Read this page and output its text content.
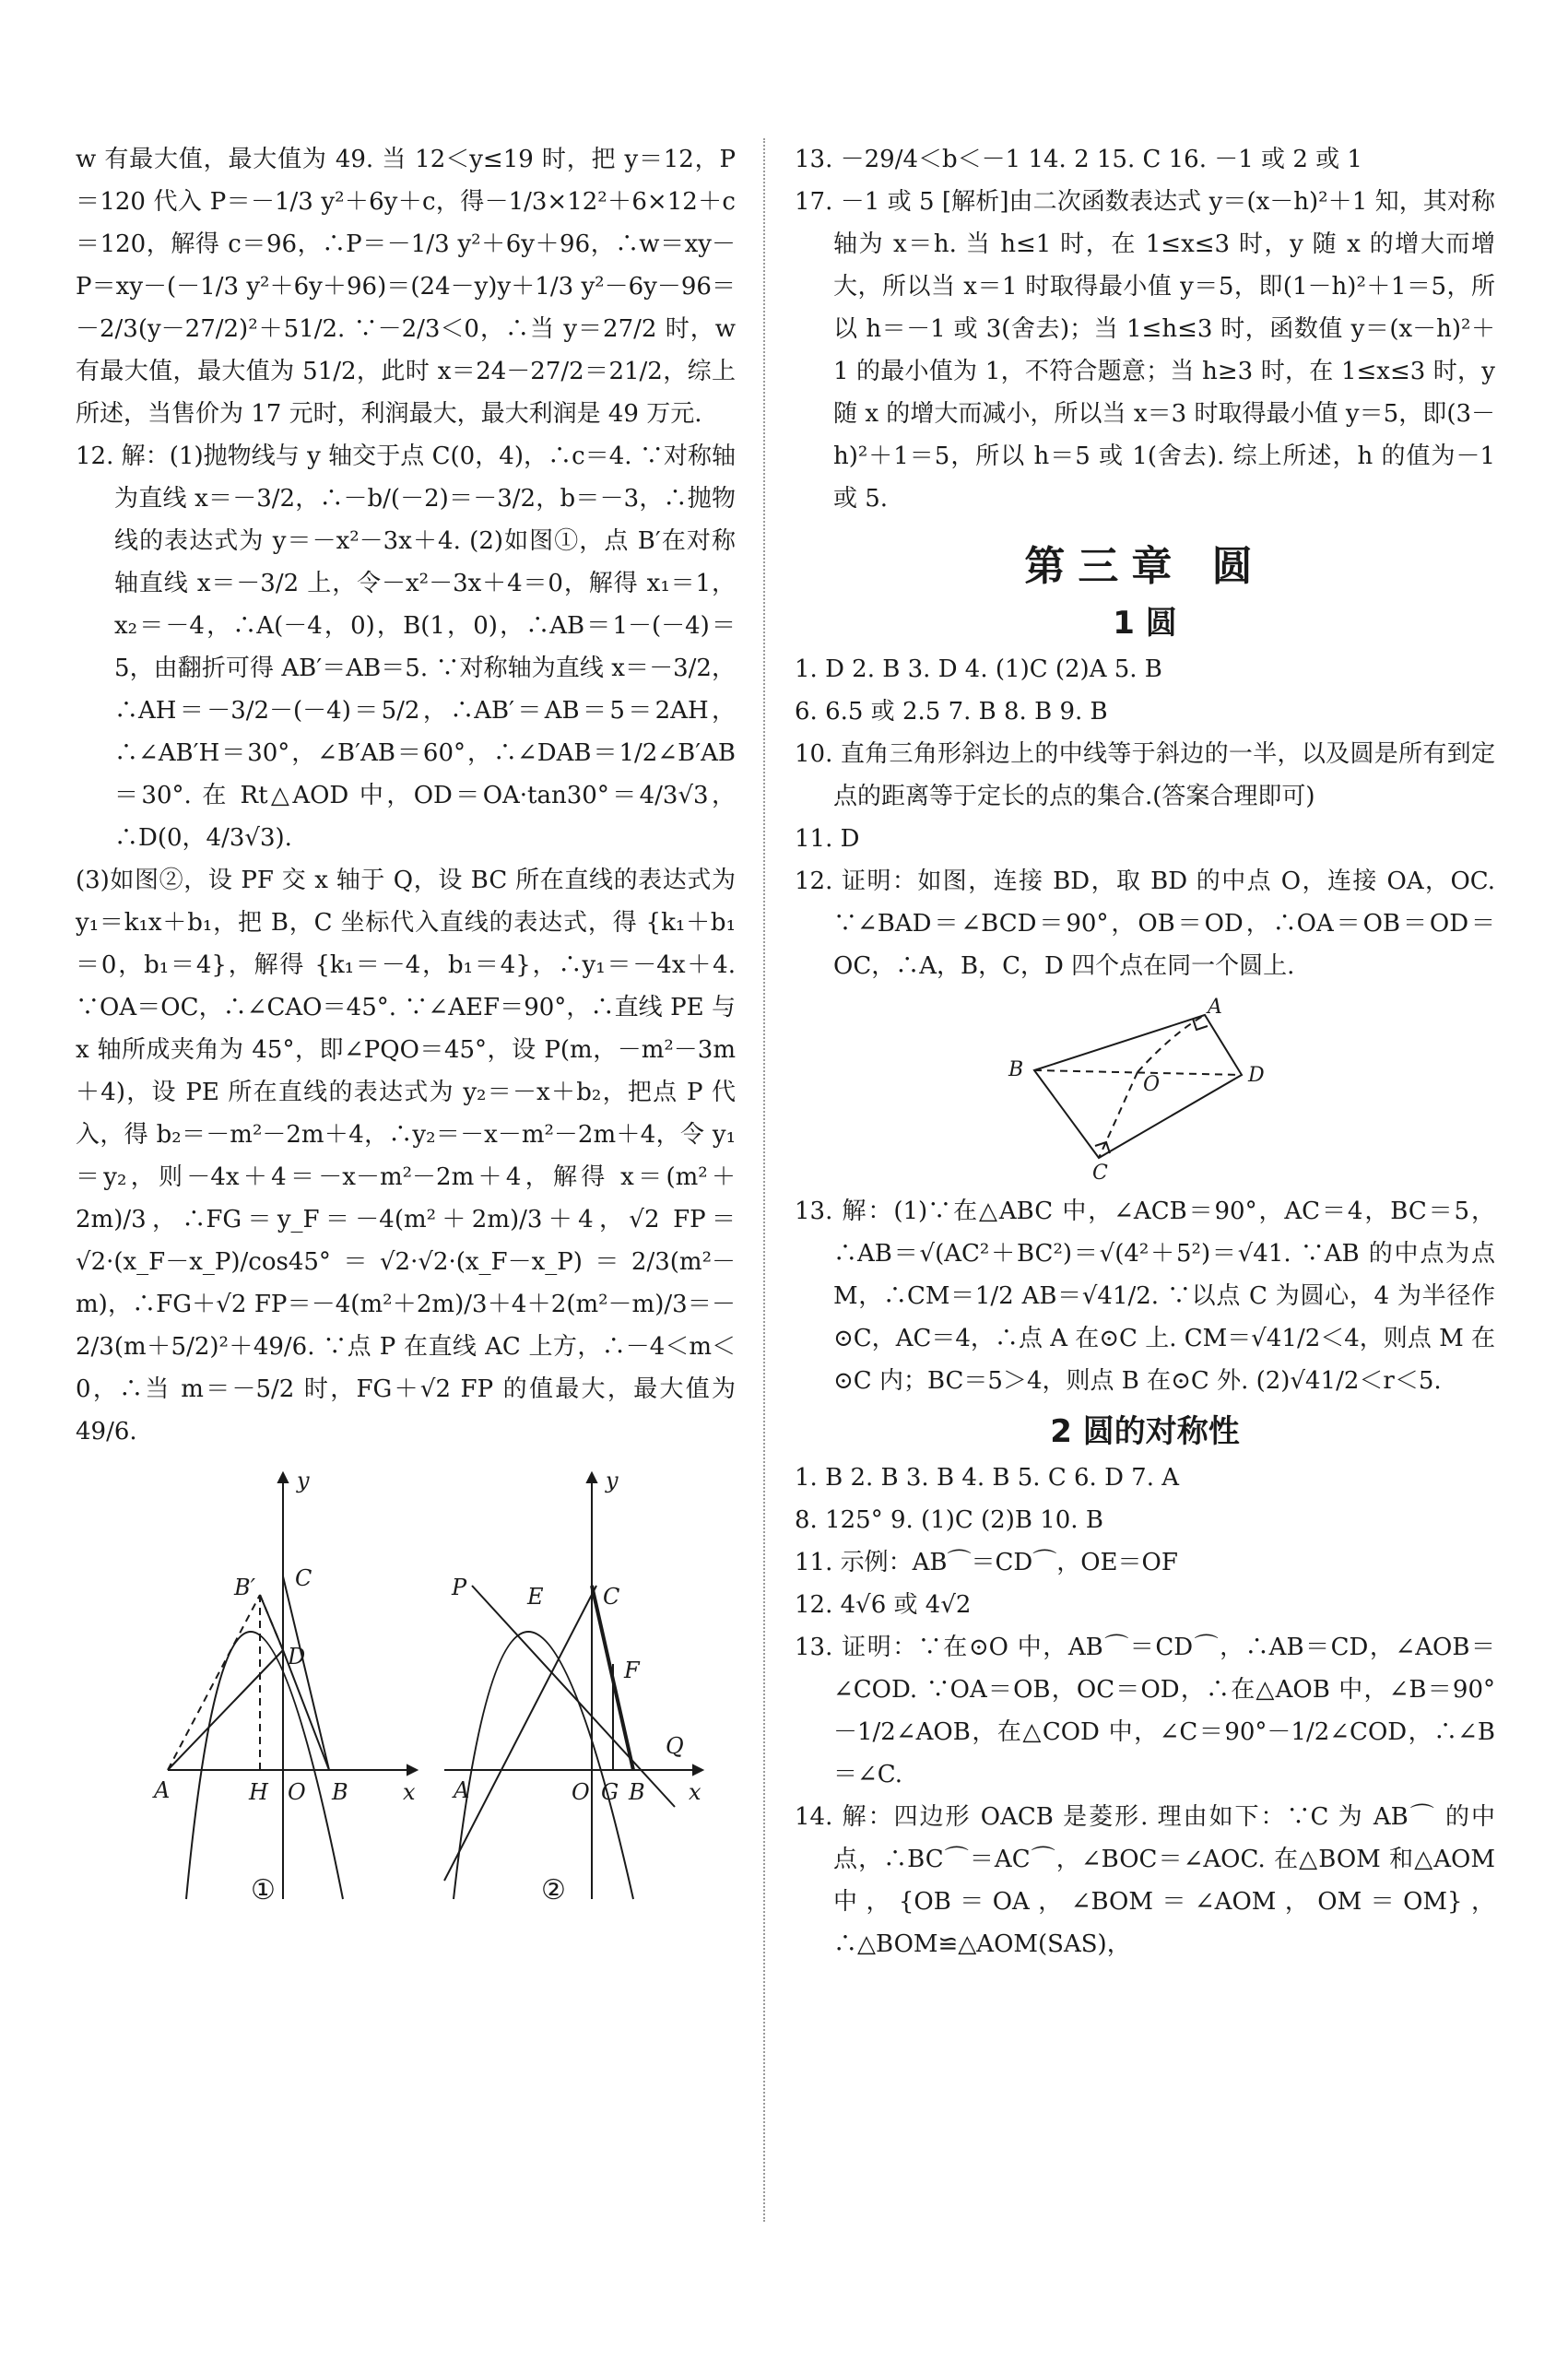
w 有最大值，最大值为 49. 当 12＜y≤19 时，把 y＝12，P＝120 代入 P＝－1/3 y²＋6y＋c，得－1/3×12²＋6×12＋c＝120，解得 c＝96，∴P＝－1/3 y²＋6y＋96，∴w＝xy－P＝xy－(－1/3 y²＋6y＋96)＝(24－y)y＋1/3 y²－6y－96＝－2/3(y－27/2)²＋51/2. ∵－2/3＜0，∴当 y＝27/2 时，w 有最大值，最大值为 51/2，此时 x＝24－27/2＝21/2，综上所述，当售价为 17 元时，利润最大，最大利润是 49 万元.

12. 解：(1)抛物线与 y 轴交于点 C(0，4)，∴c＝4. ∵对称轴为直线 x＝－3/2，∴－b/(－2)＝－3/2，b＝－3，∴抛物线的表达式为 y＝－x²－3x＋4. (2)如图①，点 B′在对称轴直线 x＝－3/2 上，令－x²－3x＋4＝0，解得 x₁＝1，x₂＝－4，∴A(－4，0)，B(1，0)，∴AB＝1－(－4)＝5，由翻折可得 AB′＝AB＝5. ∵对称轴为直线 x＝－3/2，∴AH＝－3/2－(－4)＝5/2，∴AB′＝AB＝5＝2AH，∴∠AB′H＝30°，∠B′AB＝60°，∴∠DAB＝1/2∠B′AB＝30°. 在 Rt△AOD 中，OD＝OA·tan30°＝4/3√3，∴D(0，4/3√3).

(3)如图②，设 PF 交 x 轴于 Q，设 BC 所在直线的表达式为 y₁＝k₁x＋b₁，把 B，C 坐标代入直线的表达式，得 {k₁＋b₁＝0，b₁＝4}，解得 {k₁＝－4，b₁＝4}，∴y₁＝－4x＋4. ∵OA＝OC，∴∠CAO＝45°. ∵∠AEF＝90°，∴直线 PE 与 x 轴所成夹角为 45°，即∠PQO＝45°，设 P(m，－m²－3m＋4)，设 PE 所在直线的表达式为 y₂＝－x＋b₂，把点 P 代入，得 b₂＝－m²－2m＋4，∴y₂＝－x－m²－2m＋4，令 y₁＝y₂，则－4x＋4＝－x－m²－2m＋4，解得 x＝(m²＋2m)/3，∴FG＝y_F＝－4(m²＋2m)/3＋4，√2 FP＝√2·(x_F－x_P)/cos45°＝√2·√2·(x_F－x_P)＝2/3(m²－m)，∴FG＋√2 FP＝－4(m²＋2m)/3＋4＋2(m²－m)/3＝－2/3(m＋5/2)²＋49/6. ∵点 P 在直线 AC 上方，∴－4＜m＜0，∴当 m＝－5/2 时，FG＋√2 FP 的值最大，最大值为 49/6.

y
x
A	H O B
B′ C
D
①
y
x
A	O G B
P	E	C
F
Q
②

13. －29/4＜b＜－1 14. 2 15. C 16. －1 或 2 或 1

17. －1 或 5 [解析]由二次函数表达式 y＝(x－h)²＋1 知，其对称轴为 x＝h. 当 h≤1 时，在 1≤x≤3 时，y 随 x 的增大而增大，所以当 x＝1 时取得最小值 y＝5，即(1－h)²＋1＝5，所以 h＝－1 或 3(舍去)；当 1≤h≤3 时，函数值 y＝(x－h)²＋1 的最小值为 1，不符合题意；当 h≥3 时，在 1≤x≤3 时，y 随 x 的增大而减小，所以当 x＝3 时取得最小值 y＝5，即(3－h)²＋1＝5，所以 h＝5 或 1(舍去). 综上所述，h 的值为－1 或 5.

第三章 圆
1 圆

1. D 2. B 3. D 4. (1)C (2)A 5. B

6. 6.5 或 2.5 7. B 8. B 9. B

10. 直角三角形斜边上的中线等于斜边的一半，以及圆是所有到定点的距离等于定长的点的集合.(答案合理即可)

11. D

12. 证明：如图，连接 BD，取 BD 的中点 O，连接 OA，OC. ∵∠BAD＝∠BCD＝90°，OB＝OD，∴OA＝OB＝OD＝OC，∴A，B，C，D 四个点在同一个圆上.

A
B
C
D
O

13. 解：(1)∵在△ABC 中，∠ACB＝90°，AC＝4，BC＝5，∴AB＝√(AC²＋BC²)＝√(4²＋5²)＝√41. ∵AB 的中点为点 M，∴CM＝1/2 AB＝√41/2. ∵以点 C 为圆心，4 为半径作⊙C，AC＝4，∴点 A 在⊙C 上. CM＝√41/2＜4，则点 M 在⊙C 内；BC＝5＞4，则点 B 在⊙C 外. (2)√41/2＜r＜5.

2 圆的对称性

1. B 2. B 3. B 4. B 5. C 6. D 7. A

8. 125° 9. (1)C (2)B 10. B

11. 示例：AB⌒＝CD⌒，OE＝OF

12. 4√6 或 4√2

13. 证明：∵在⊙O 中，AB⌒＝CD⌒，∴AB＝CD，∠AOB＝∠COD. ∵OA＝OB，OC＝OD，∴在△AOB 中，∠B＝90°－1/2∠AOB，在△COD 中，∠C＝90°－1/2∠COD，∴∠B＝∠C.

14. 解：四边形 OACB 是菱形. 理由如下：∵C 为 AB⌒ 的中点，∴BC⌒＝AC⌒，∠BOC＝∠AOC. 在△BOM 和△AOM 中，{OB＝OA，∠BOM＝∠AOM，OM＝OM}，∴△BOM≌△AOM(SAS)，
